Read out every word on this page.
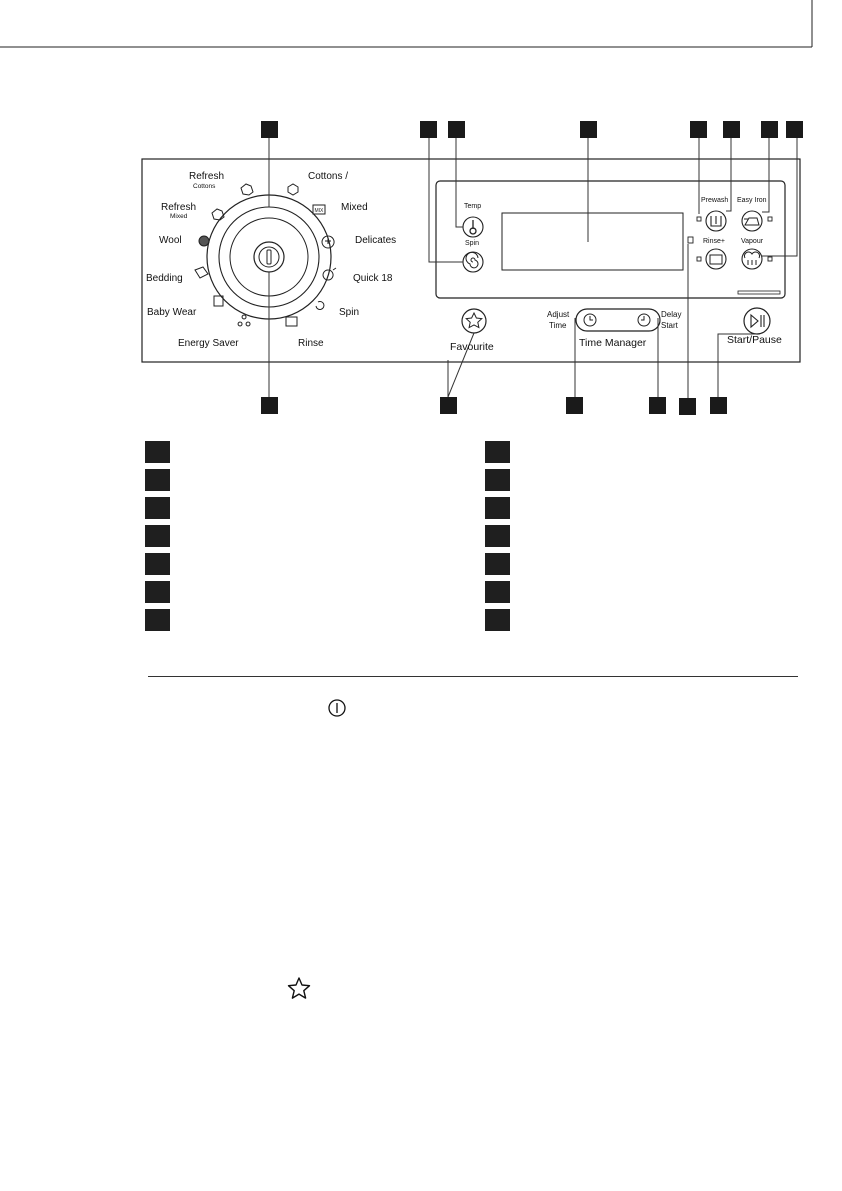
MIX
Refresh
Cottons
Cottons /
Refresh
Mixed
Mixed
Wool	Delicates
Bedding	Quick 18
Baby Wear	Spin
Energy Saver	Rinse
Temp
Spin
Prewash Easy Iron
Rinse+ Vapour
Favourite
Adjust
Time
Delay
Start
Time Manager	Start/Pause
